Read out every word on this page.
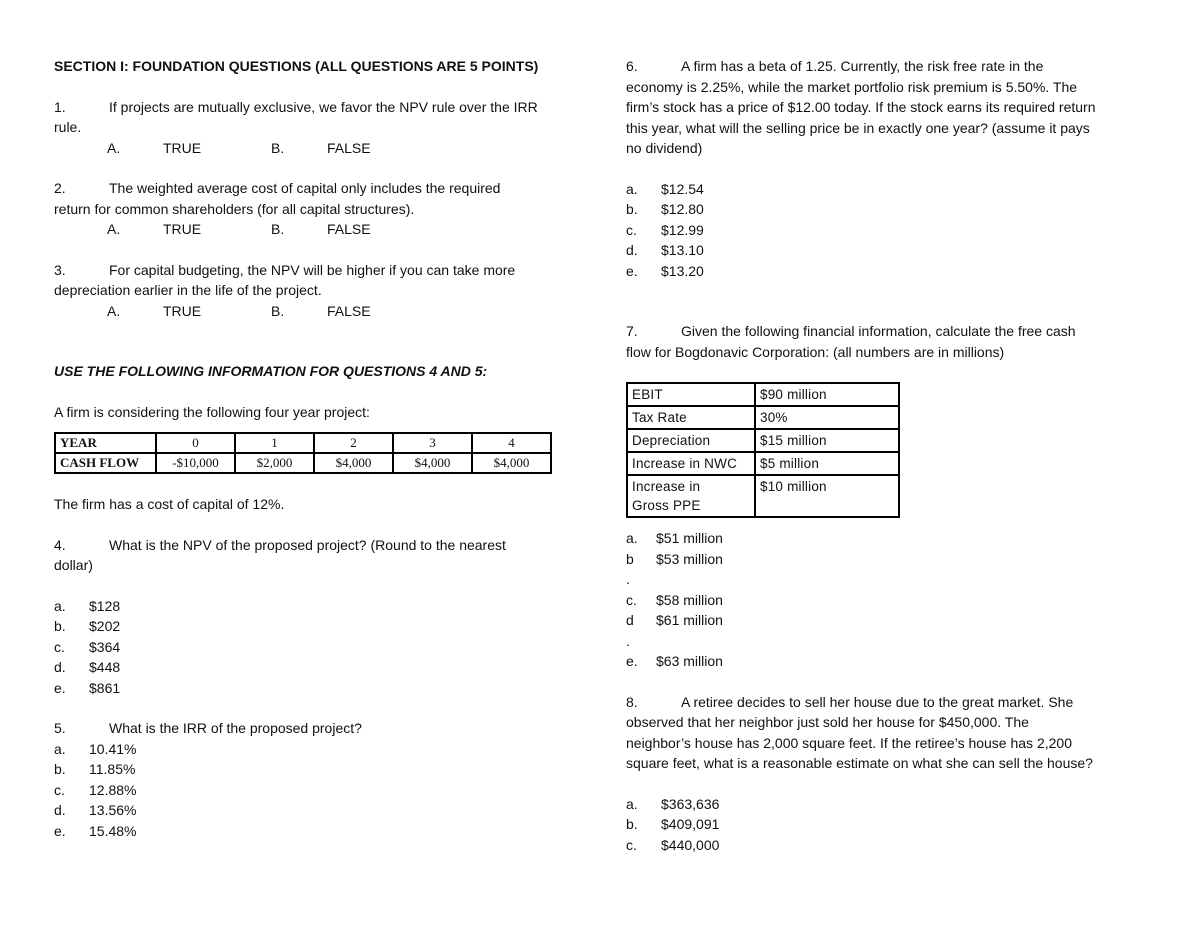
SECTION I: FOUNDATION QUESTIONS (ALL QUESTIONS ARE 5 POINTS)

1.	If projects are mutually exclusive, we favor the NPV rule over the IRR

rule.

A.	TRUE	B.	FALSE

2.	The weighted average cost of capital only includes the required

return for common shareholders (for all capital structures).

A.	TRUE	B.	FALSE

3.	For capital budgeting, the NPV will be higher if you can take more

depreciation earlier in the life of the project.

A.	TRUE	B.	FALSE

USE THE FOLLOWING INFORMATION FOR QUESTIONS 4 AND 5:

A firm is considering the following four year project:

YEAR	0	1	2	3	4
CASH FLOW	-$10,000	$2,000	$4,000	$4,000	$4,000

The firm has a cost of capital of 12%.

4.	What is the NPV of the proposed project? (Round to the nearest

dollar)

a.	$128
b.	$202
c.	$364
d.	$448
e.	$861

5.	What is the IRR of the proposed project?

a.	10.41%
b.	11.85%
c.	12.88%
d.	13.56%
e.	15.48%

6.	A firm has a beta of 1.25. Currently, the risk free rate in the

economy is 2.25%, while the market portfolio risk premium is 5.50%. The

firm’s stock has a price of $12.00 today. If the stock earns its required return

this year, what will the selling price be in exactly one year? (assume it pays

no dividend)

a.	$12.54
b.	$12.80
c.	$12.99
d.	$13.10
e.	$13.20

7.	Given the following financial information, calculate the free cash

flow for Bogdonavic Corporation: (all numbers are in millions)

EBIT	$90 million
Tax Rate	30%
Depreciation	$15 million
Increase in NWC	$5 million
Increase in
Gross PPE	$10 million
a.	$51 million
b	$53 million

.

c.	$58 million
d	$61 million

.

e.	$63 million

8.	A retiree decides to sell her house due to the great market. She

observed that her neighbor just sold her house for $450,000. The

neighbor’s house has 2,000 square feet. If the retiree’s house has 2,200

square feet, what is a reasonable estimate on what she can sell the house?

a.	$363,636
b.	$409,091
c.	$440,000
